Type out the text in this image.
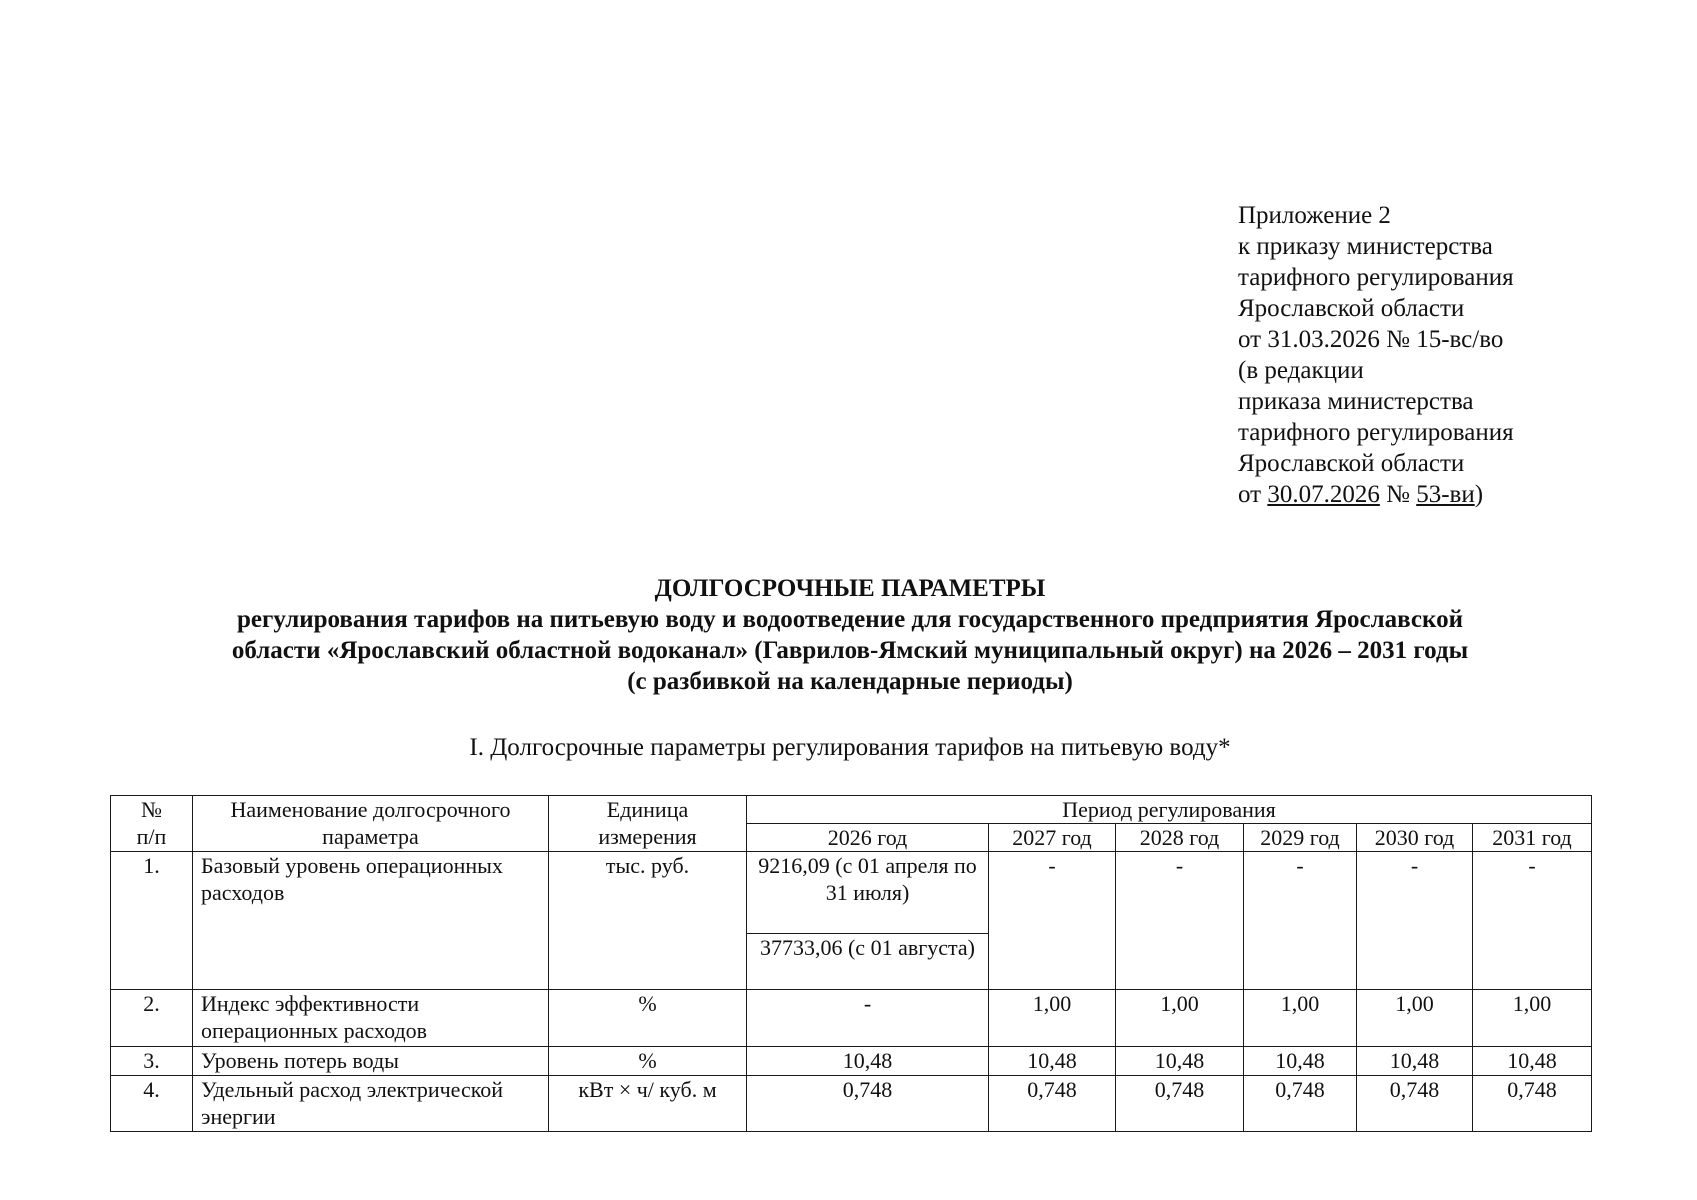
Приложение 2
к приказу министерства
тарифного регулирования
Ярославской области
от 31.03.2026 № 15-вс/во
(в редакции
приказа министерства
тарифного регулирования
Ярославской области
от 30.07.2026 № 53-ви)
ДОЛГОСРОЧНЫЕ ПАРАМЕТРЫ
регулирования тарифов на питьевую воду и водоотведение для государственного предприятия Ярославской
области «Ярославский областной водоканал» (Гаврилов-Ямский муниципальный округ) на 2026 – 2031 годы
(с разбивкой на календарные периоды)
I. Долгосрочные параметры регулирования тарифов на питьевую воду*
№
п/п	Наименование долгосрочного параметра	Единица измерения	Период регулирования					
			2026 год	2027 год	2028 год	2029 год	2030 год	2031 год
1.	Базовый уровень операционных расходов	тыс. руб.	9216,09 (с 01 апреля по 31 июля)	-	-	-	-	-
			37733,06 (с 01 августа)					
2.	Индекс эффективности операционных расходов	%	-	1,00	1,00	1,00	1,00	1,00
3.	Уровень потерь воды	%	10,48	10,48	10,48	10,48	10,48	10,48
4.	Удельный расход электрической энергии	кВт × ч/ куб. м	0,748	0,748	0,748	0,748	0,748	0,748
